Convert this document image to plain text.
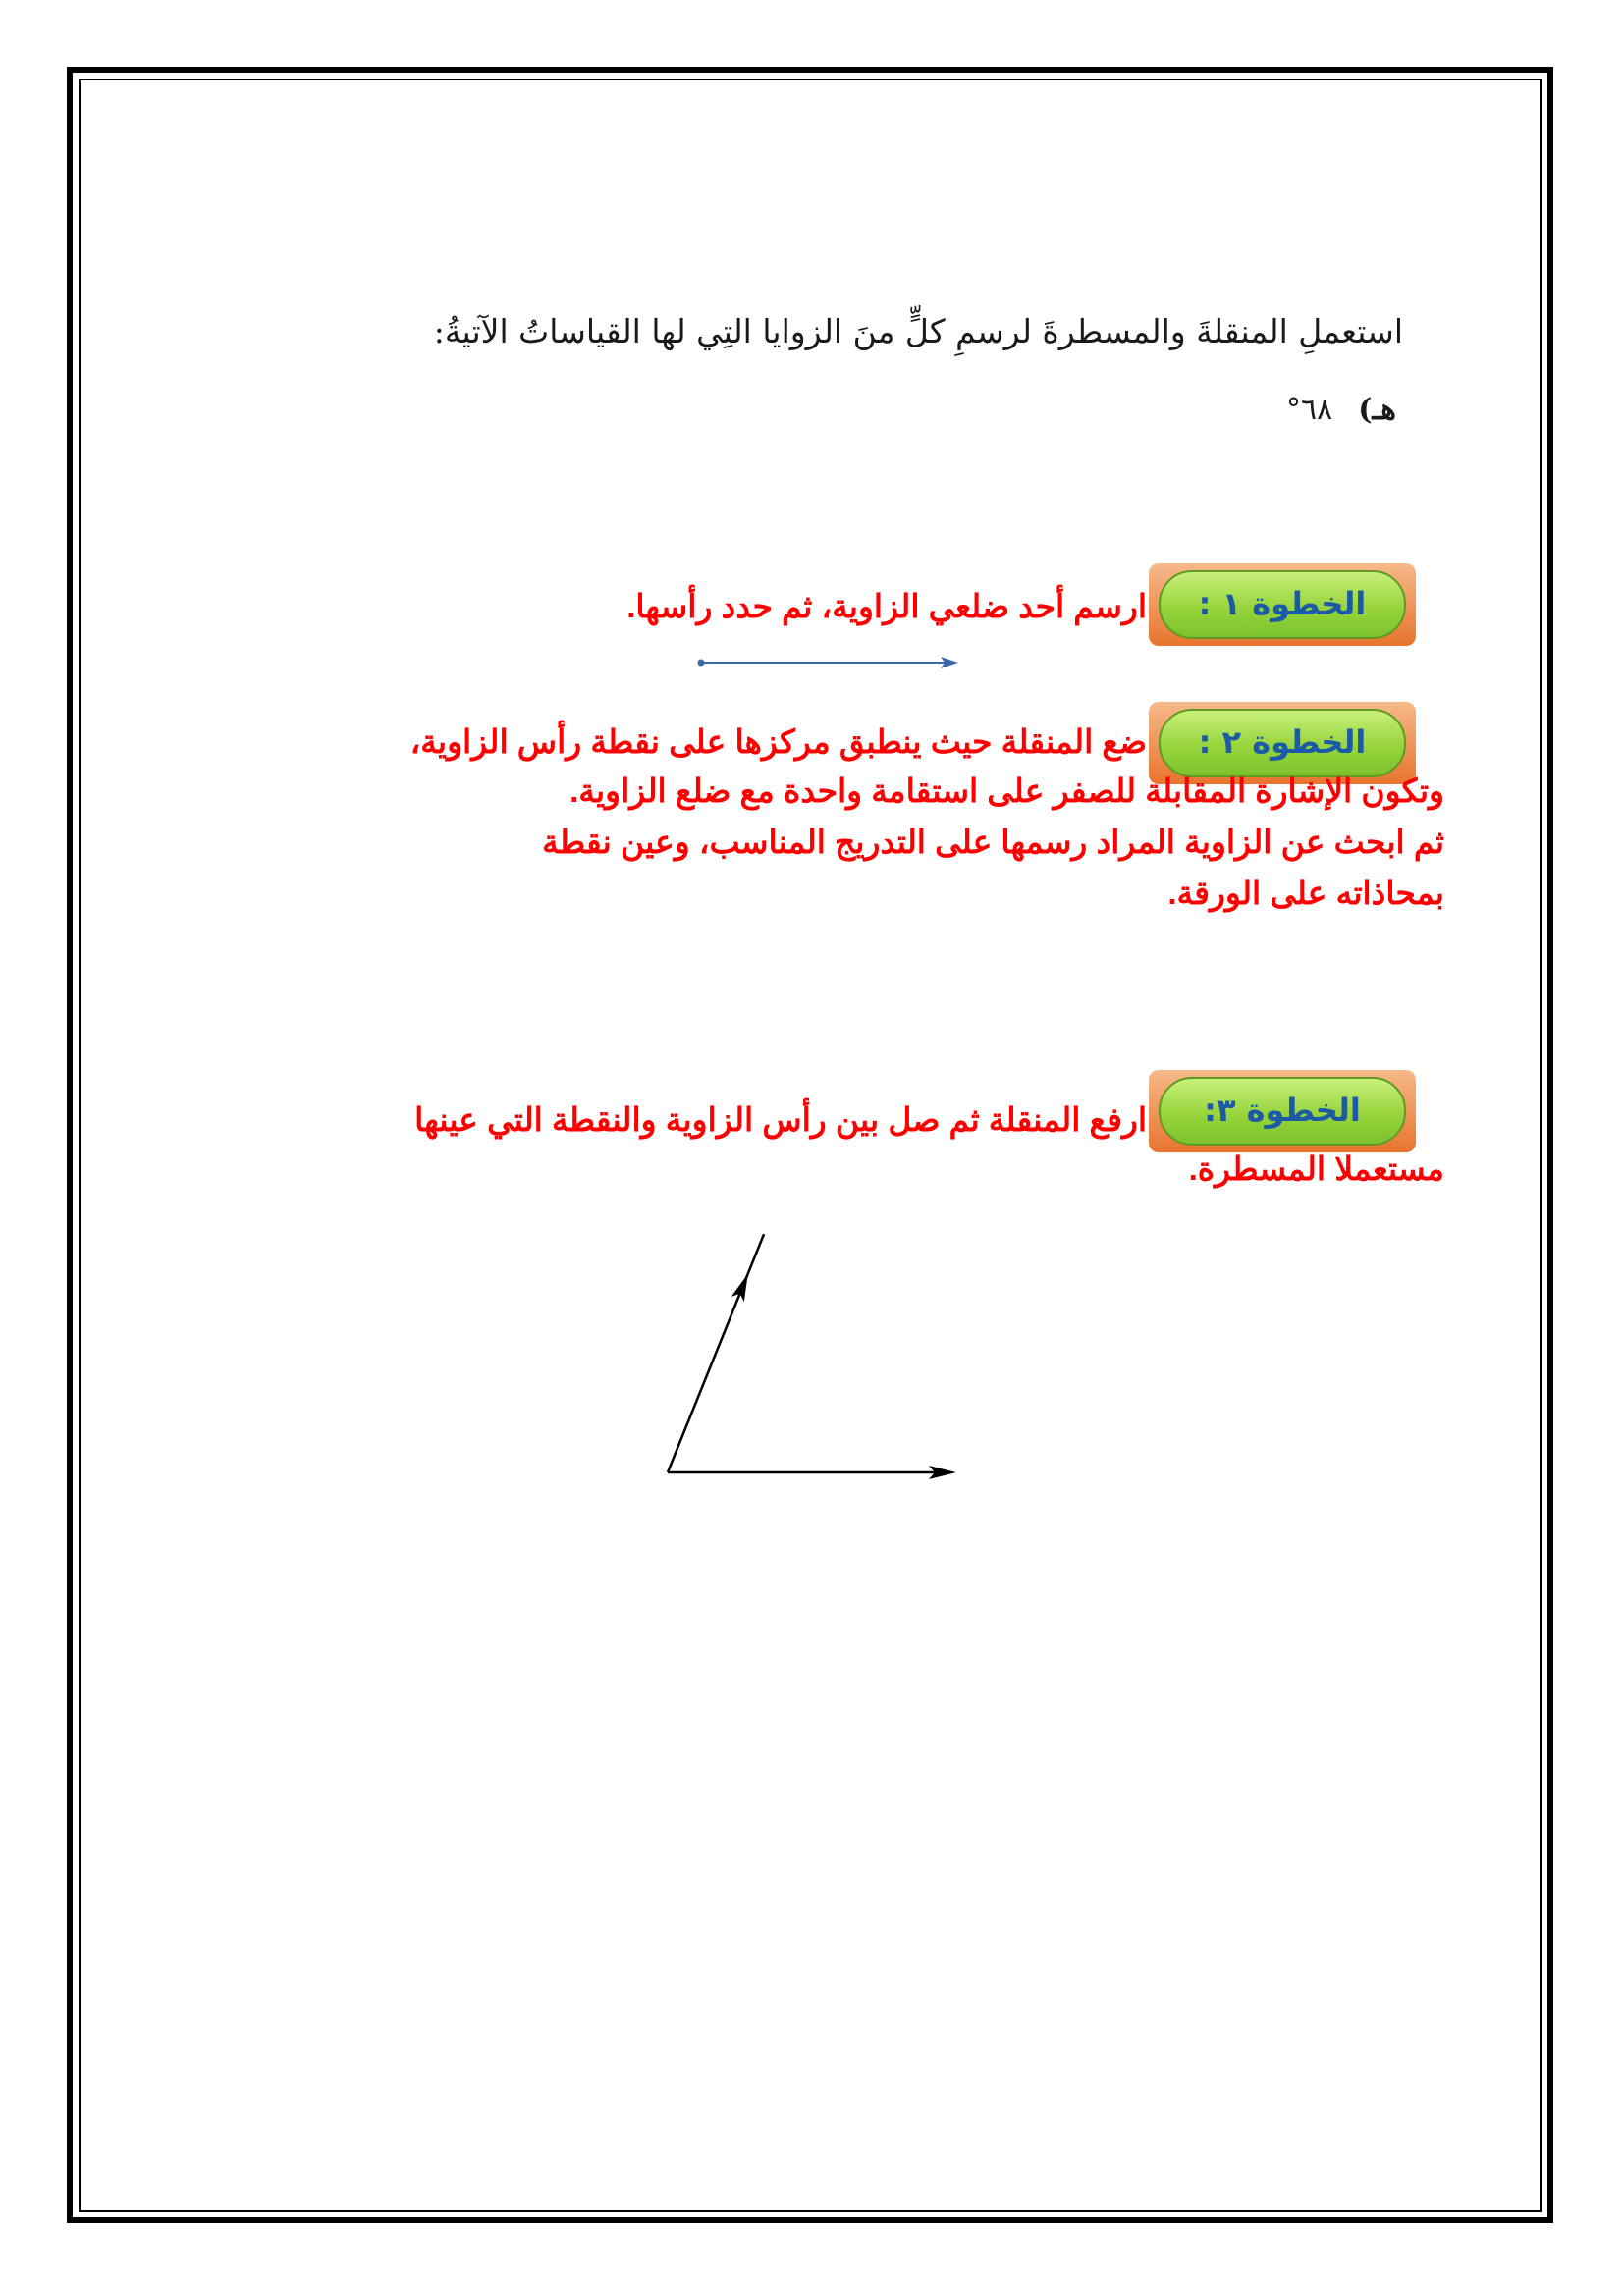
استعملِ المنقلةَ والمسطرةَ لرسمِ كلٍّ منَ الزوايا التِي لها القياساتُ الآتيةُ:
هـ)٦٨°
الخطوة ١ :
ارسم أحد ضلعي الزاوية، ثم حدد رأسها.
الخطوة ٢ :
ضع المنقلة حيث ينطبق مركزها على نقطة رأس الزاوية،
وتكون الإشارة المقابلة للصفر على استقامة واحدة مع ضلع الزاوية.
ثم ابحث عن الزاوية المراد رسمها على التدريج المناسب، وعين نقطة
بمحاذاته على الورقة.
الخطوة ٣:
ارفع المنقلة ثم صل بين رأس الزاوية والنقطة التي عينها
مستعملا المسطرة.
